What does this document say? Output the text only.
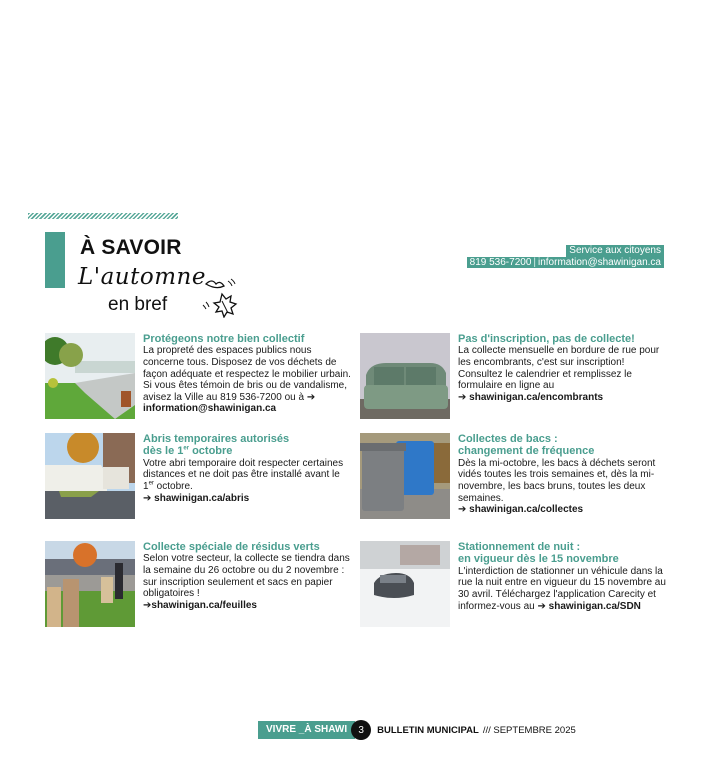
À SAVOIR
L'automne
en bref
Service aux citoyens
819 536-7200 | information@shawinigan.ca
Protégeons notre bien collectif
La propreté des espaces publics nous concerne tous. Disposez de vos déchets de façon adéquate et respectez le mobilier urbain. Si vous êtes témoin de bris ou de vandalisme, avisez la Ville au 819 536-7200 ou à ➔ information@shawinigan.ca
Pas d'inscription, pas de collecte!
La collecte mensuelle en bordure de rue pour les encombrants, c'est sur inscription! Consultez le calendrier et remplissez le formulaire en ligne au
➔ shawinigan.ca/encombrants
Abris temporaires autorisés
dès le 1er octobre
Votre abri temporaire doit respecter certaines distances et ne doit pas être installé avant le 1er octobre.
➔ shawinigan.ca/abris
Collectes de bacs :
changement de fréquence
Dès la mi-octobre, les bacs à déchets seront vidés toutes les trois semaines et, dès la mi-novembre, les bacs bruns, toutes les deux semaines.
➔ shawinigan.ca/collectes
Collecte spéciale de résidus verts
Selon votre secteur, la collecte se tiendra dans la semaine du 26 octobre ou du 2 novembre : sur inscription seulement et sacs en papier obligatoires !
➔shawinigan.ca/feuilles
Stationnement de nuit :
en vigueur dès le 15 novembre
L'interdiction de stationner un véhicule dans la rue la nuit entre en vigueur du 15 novembre au 30 avril. Téléchargez l'application Carecity et informez-vous au ➔ shawinigan.ca/SDN
VIVRE _À SHAWI	3	BULLETIN MUNICIPAL /// SEPTEMBRE 2025
